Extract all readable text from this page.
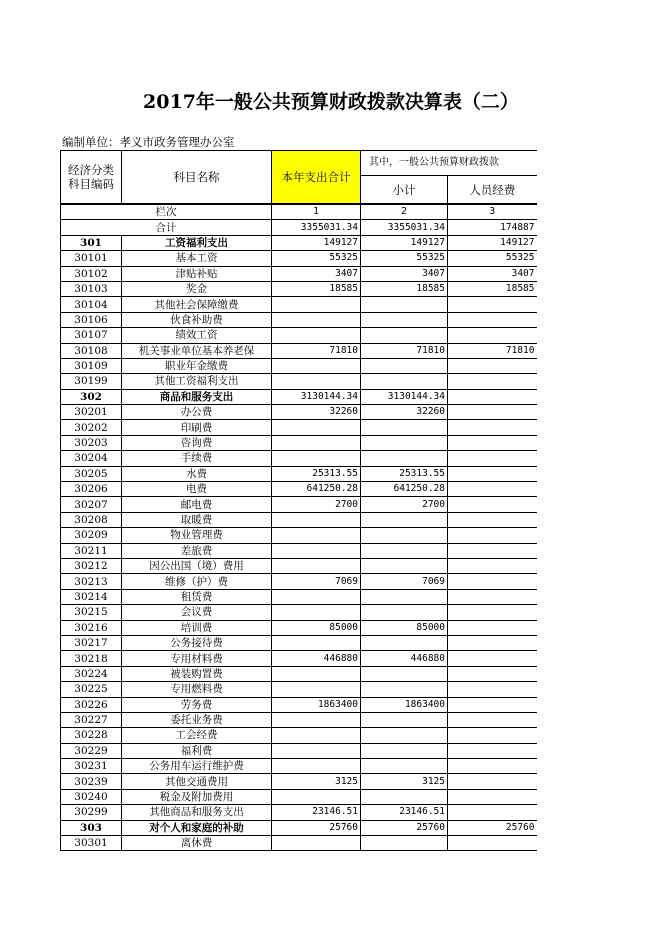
2017年一般公共预算财政拨款决算表（二）
编制单位：孝义市政务管理办公室
经济分类
科目编码	科目名称	本年支出合计	其中，一般公共预算财政拨款	
			小计	人员经费
栏次		1	2	3
合计		3355031.34	3355031.34	174887
301	工资福利支出	149127	149127	149127
30101	基本工资	55325	55325	55325
30102	津贴补贴	3407	3407	3407
30103	奖金	18585	18585	18585
30104	其他社会保障缴费			
30106	伙食补助费			
30107	绩效工资			
30108	机关事业单位基本养老保	71810	71810	71810
30109	职业年金缴费			
30199	其他工资福利支出			
302	商品和服务支出	3130144.34	3130144.34	
30201	办公费	32260	32260	
30202	印刷费			
30203	咨询费			
30204	手续费			
30205	水费	25313.55	25313.55	
30206	电费	641250.28	641250.28	
30207	邮电费	2700	2700	
30208	取暖费			
30209	物业管理费			
30211	差旅费			
30212	因公出国（境）费用			
30213	维修（护）费	7069	7069	
30214	租赁费			
30215	会议费			
30216	培训费	85000	85000	
30217	公务接待费			
30218	专用材料费	446880	446880	
30224	被装购置费			
30225	专用燃料费			
30226	劳务费	1863400	1863400	
30227	委托业务费			
30228	工会经费			
30229	福利费			
30231	公务用车运行维护费			
30239	其他交通费用	3125	3125	
30240	税金及附加费用			
30299	其他商品和服务支出	23146.51	23146.51	
303	对个人和家庭的补助	25760	25760	25760
30301	离休费			
